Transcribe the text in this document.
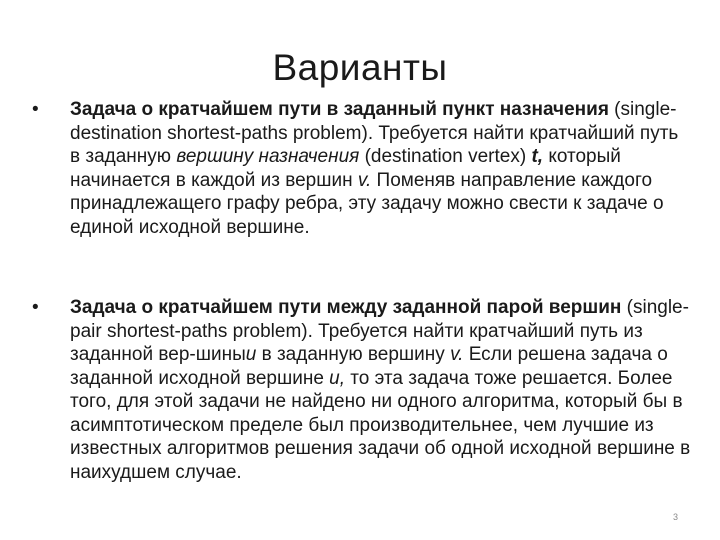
Варианты
• Задача о кратчайшем пути в заданный пункт назначения (single-destination shortest-paths problem). Требуется найти кратчайший путь в заданную вершину назначения (destination vertex) t, который начинается в каждой из вершин v. Поменяв направление каждого принадлежащего графу ребра, эту задачу можно свести к задаче о единой исходной вершине.

• Задача о кратчайшем пути между заданной парой вершин (single-pair shortest-paths problem). Требуется найти кратчайший путь из заданной вер-шиныu в заданную вершину v. Если решена задача о заданной исходной вершине u, то эта задача тоже решается. Более того, для этой задачи не найдено ни одного алгоритма, который бы в асимптотическом пределе был производительнее, чем лучшие из известных алгоритмов решения задачи об одной исходной вершине в наихудшем случае.

3
